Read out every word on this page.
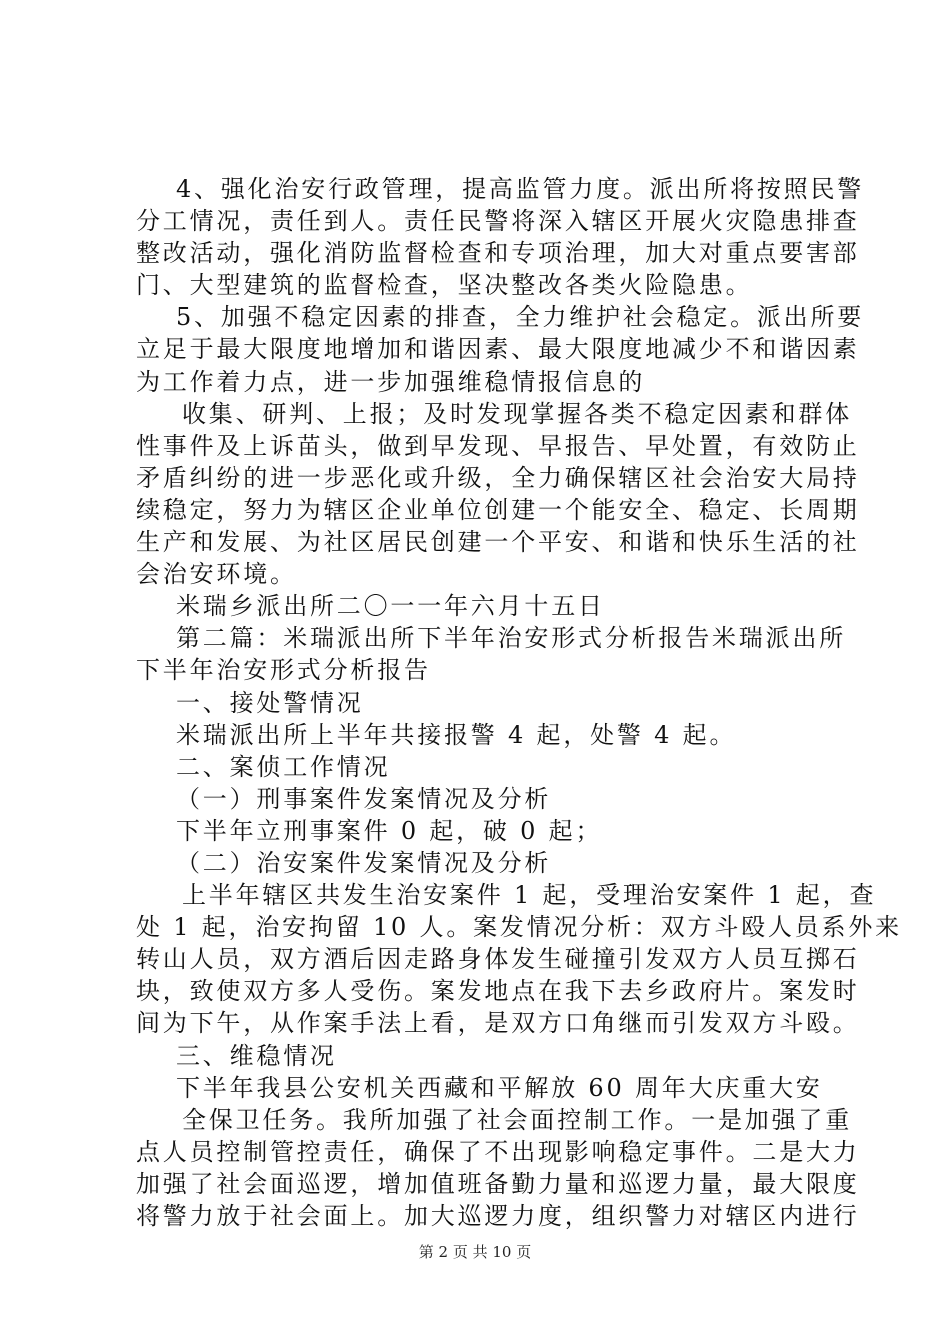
4、强化治安行政管理，提高监管力度。派出所将按照民警
分工情况，责任到人。责任民警将深入辖区开展火灾隐患排查
整改活动，强化消防监督检查和专项治理，加大对重点要害部
门、大型建筑的监督检查，坚决整改各类火险隐患。
5、加强不稳定因素的排查，全力维护社会稳定。派出所要
立足于最大限度地增加和谐因素、最大限度地减少不和谐因素
为工作着力点，进一步加强维稳情报信息的
收集、研判、上报；及时发现掌握各类不稳定因素和群体
性事件及上诉苗头，做到早发现、早报告、早处置，有效防止
矛盾纠纷的进一步恶化或升级，全力确保辖区社会治安大局持
续稳定，努力为辖区企业单位创建一个能安全、稳定、长周期
生产和发展、为社区居民创建一个平安、和谐和快乐生活的社
会治安环境。
米瑞乡派出所二〇一一年六月十五日
第二篇：米瑞派出所下半年治安形式分析报告米瑞派出所
下半年治安形式分析报告
一、接处警情况
米瑞派出所上半年共接报警 4 起，处警 4 起。
二、案侦工作情况
（一）刑事案件发案情况及分析
下半年立刑事案件 0 起，破 0 起；
（二）治安案件发案情况及分析
上半年辖区共发生治安案件 1 起，受理治安案件 1 起，查
处 1 起，治安拘留 10 人。案发情况分析：双方斗殴人员系外来
转山人员，双方酒后因走路身体发生碰撞引发双方人员互掷石
块，致使双方多人受伤。案发地点在我下去乡政府片。案发时
间为下午，从作案手法上看，是双方口角继而引发双方斗殴。
三、维稳情况
下半年我县公安机关西藏和平解放 60 周年大庆重大安
全保卫任务。我所加强了社会面控制工作。一是加强了重
点人员控制管控责任，确保了不出现影响稳定事件。二是大力
加强了社会面巡逻，增加值班备勤力量和巡逻力量，最大限度
将警力放于社会面上。加大巡逻力度，组织警力对辖区内进行
第 2 页 共 10 页
